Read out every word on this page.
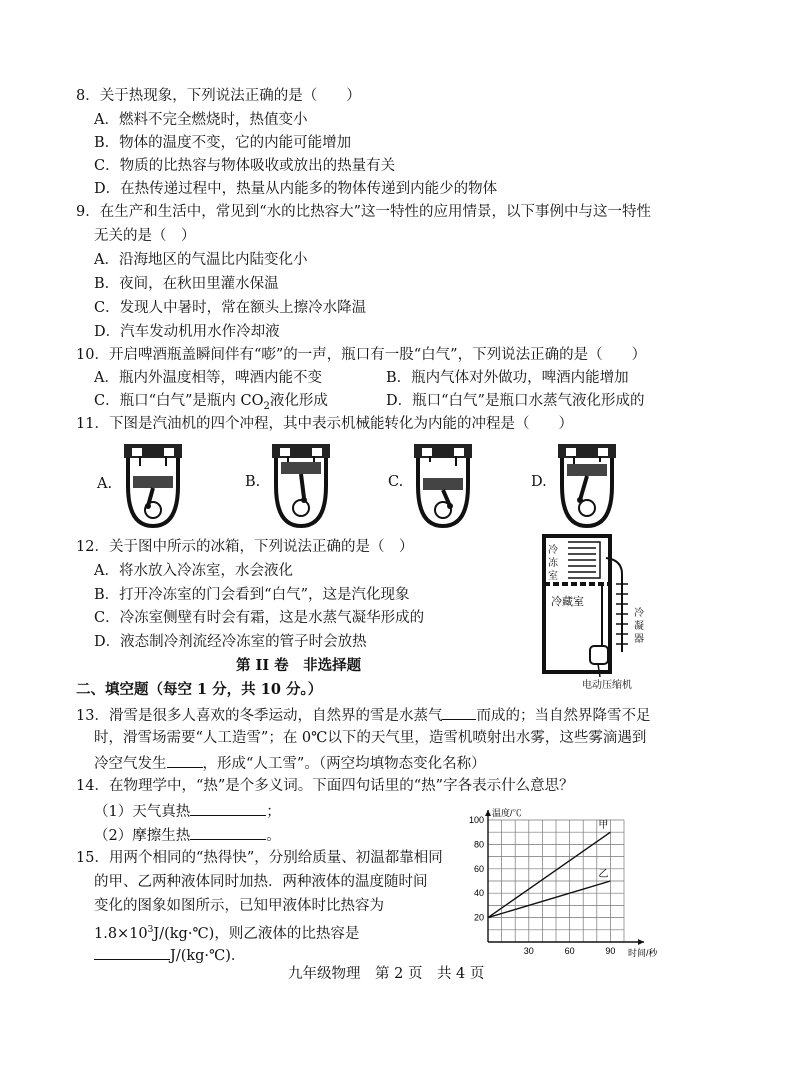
8．关于热现象，下列说法正确的是（　　）
A．燃料不完全燃烧时，热值变小
B．物体的温度不变，它的内能可能增加
C．物质的比热容与物体吸收或放出的热量有关
D．在热传递过程中，热量从内能多的物体传递到内能少的物体
9．在生产和生活中，常见到“水的比热容大”这一特性的应用情景，以下事例中与这一特性
无关的是（　）
A．沿海地区的气温比内陆变化小
B．夜间，在秋田里灌水保温
C．发现人中暑时，常在额头上擦冷水降温
D．汽车发动机用水作冷却液
10．开启啤酒瓶盖瞬间伴有“嘭”的一声，瓶口有一股“白气”，下列说法正确的是（　　）
A．瓶内外温度相等，啤酒内能不变	B．瓶内气体对外做功，啤酒内能增加
C．瓶口“白气”是瓶内 $CO_2$液化形成	D．瓶口“白气”是瓶口水蒸气液化形成的
11．下图是汽油机的四个冲程，其中表示机械能转化为内能的冲程是（　　）
A.	B.	C.	D.
12．关于图中所示的冰箱，下列说法正确的是（　）
A．将水放入冷冻室，水会液化
B．打开冷冻室的门会看到“白气”，这是汽化现象
C．冷冻室侧壁有时会有霜，这是水蒸气凝华形成的
D．液态制冷剂流经冷冻室的管子时会放热
冷
冻
室
冷藏室
冷
凝
器
电动压缩机
第 II 卷　非选择题
二、填空题（每空 1 分，共 10 分。）
13．滑雪是很多人喜欢的冬季运动，自然界的雪是水蒸气 而成的；当自然界降雪不足
时，滑雪场需要“人工造雪”；在 0℃以下的天气里，造雪机喷射出水雾，这些雾滴遇到
冷空气发生 ，形成“人工雪”。（两空均填物态变化名称）
14．在物理学中，“热”是个多义词。下面四句话里的“热”字各表示什么意思？
（1）天气真热	；
（2）摩擦生热	。
15．用两个相同的“热得快”，分别给质量、初温都靠相同
的甲、乙两种液体同时加热．两种液体的温度随时间
变化的图象如图所示，已知甲液体时比热容为
$1.8\times 10^3J/(kg\cdot℃)$，则乙液体的比热容是
J/(kg·℃)．
20
40
60
80
100
30	60	90
温度/℃
时间/秒
甲
乙
九年级物理　第 2 页　共 4 页
